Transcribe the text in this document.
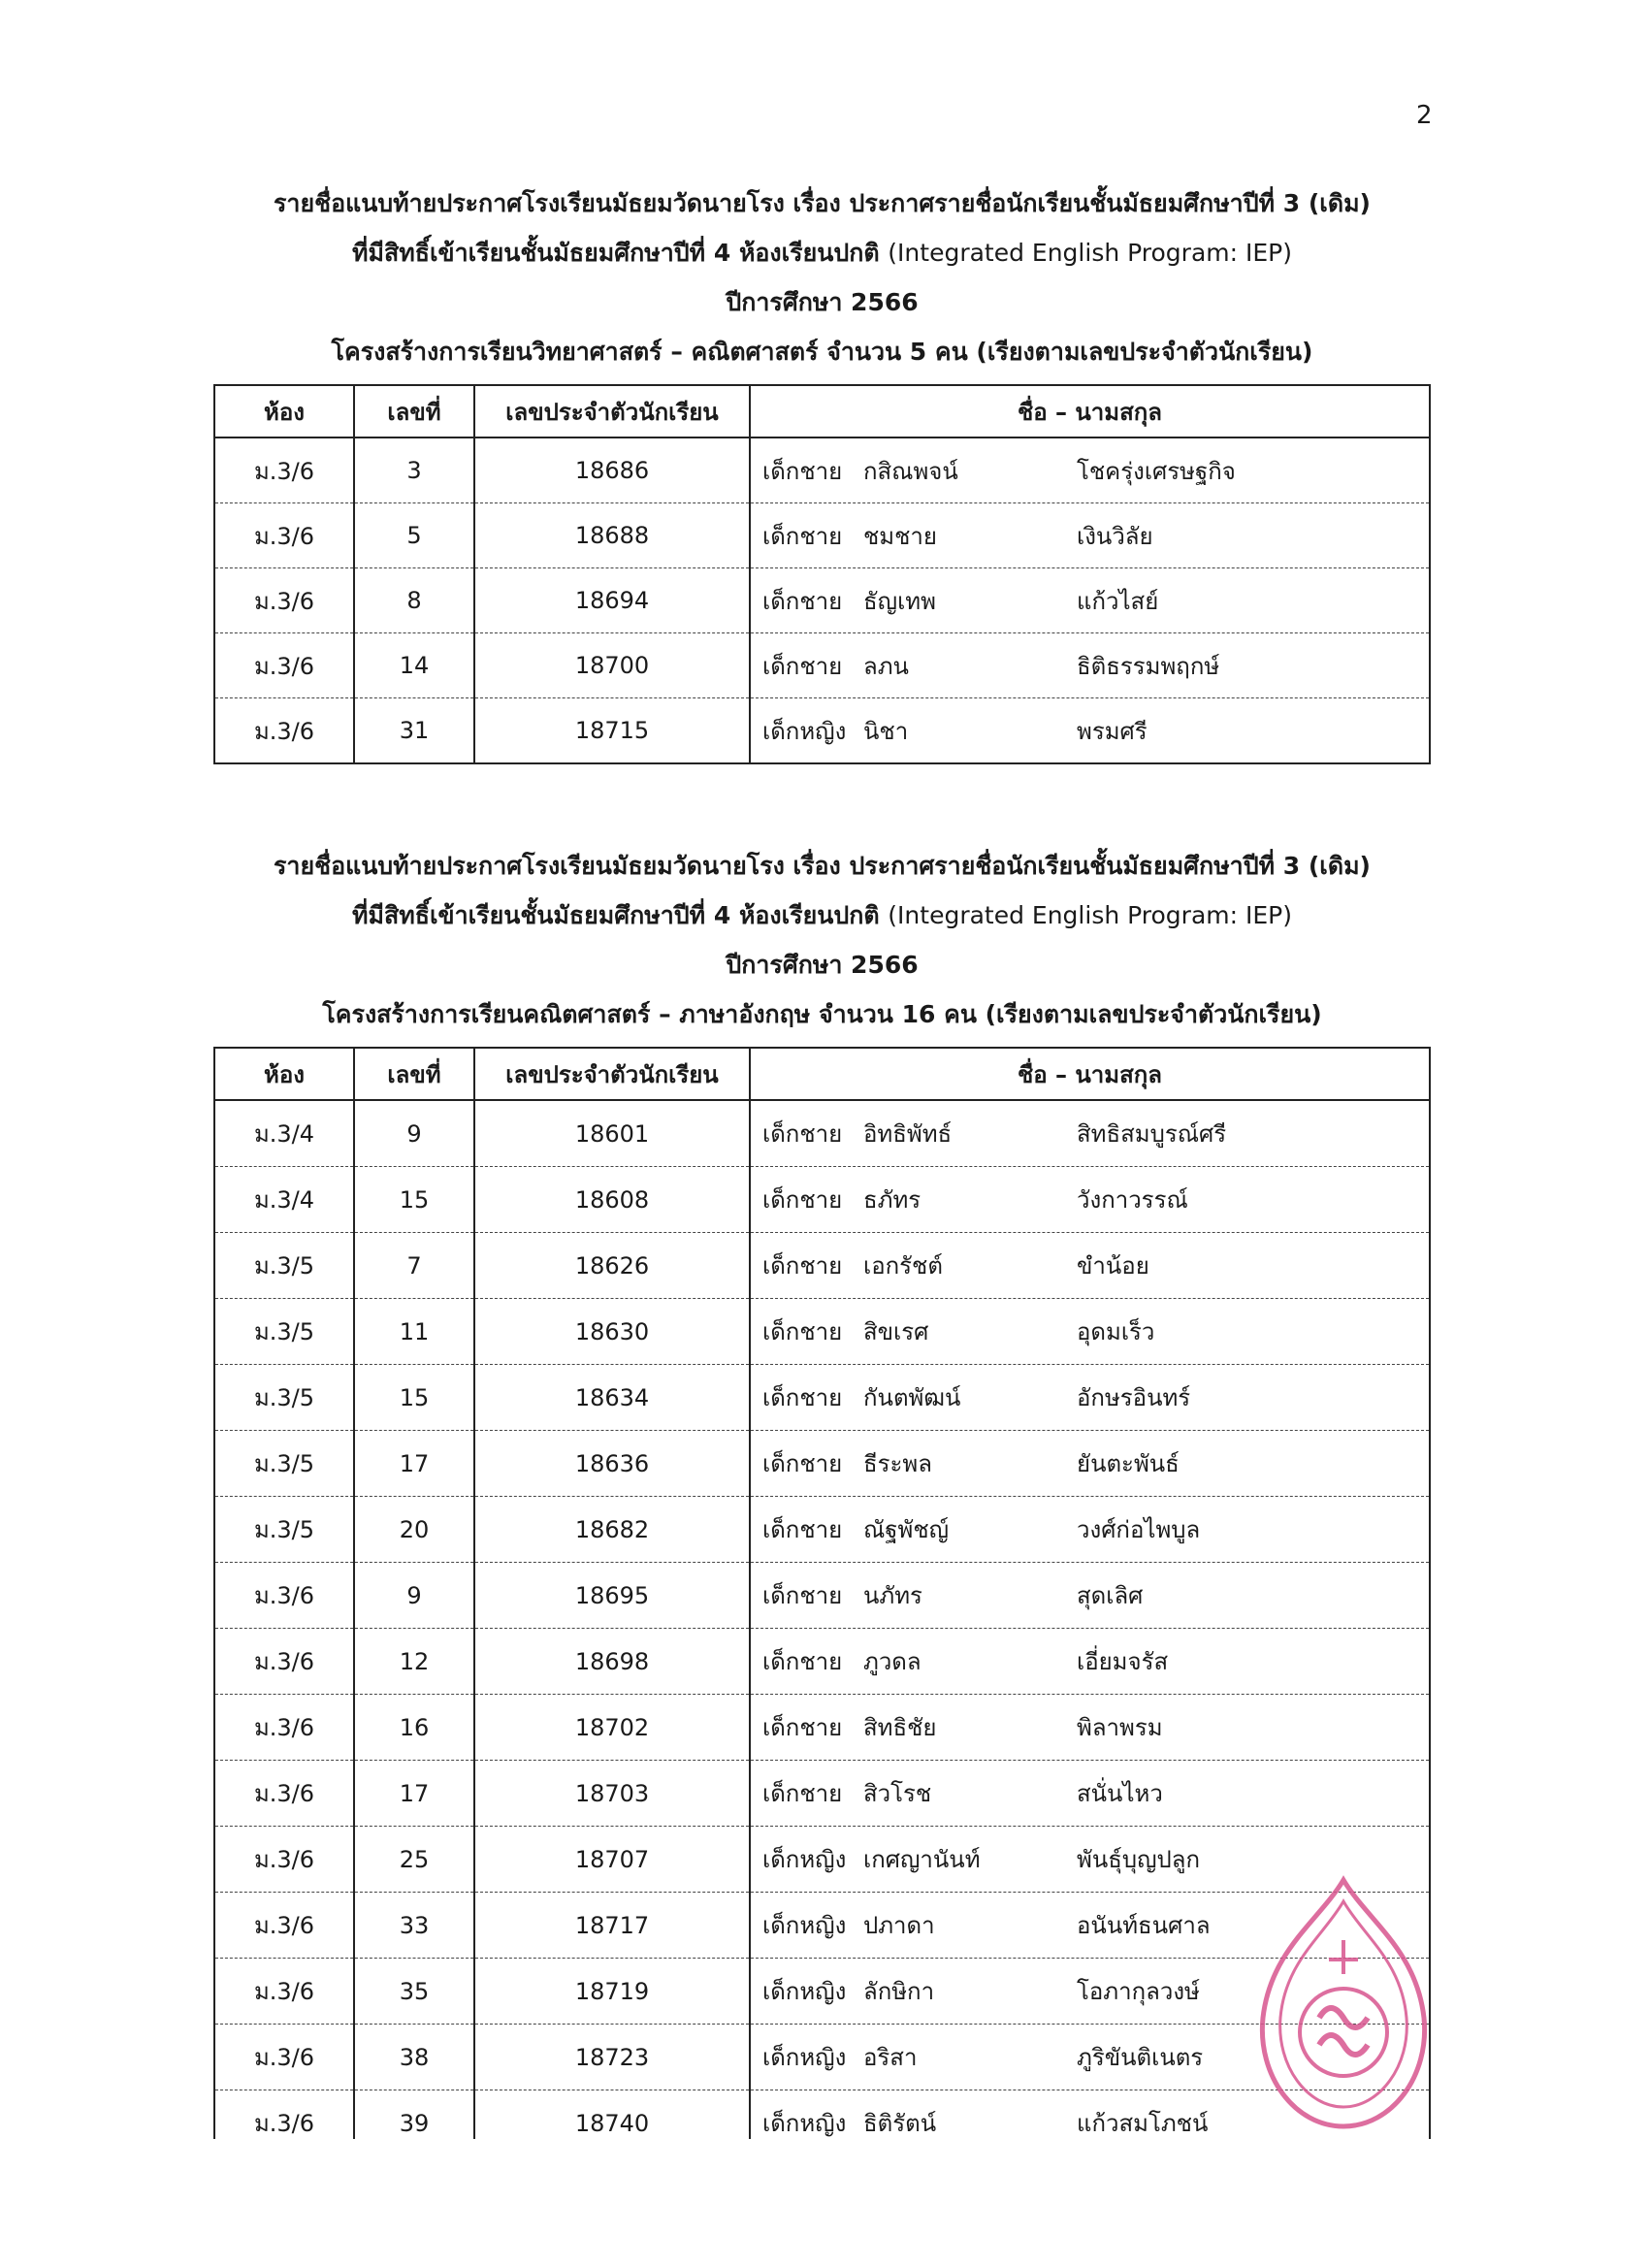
2
รายชื่อแนบท้ายประกาศโรงเรียนมัธยมวัดนายโรง เรื่อง ประกาศรายชื่อนักเรียนชั้นมัธยมศึกษาปีที่ 3 (เดิม)
ที่มีสิทธิ์เข้าเรียนชั้นมัธยมศึกษาปีที่ 4 ห้องเรียนปกติ (Integrated English Program: IEP)
ปีการศึกษา 2566
โครงสร้างการเรียนวิทยาศาสตร์ – คณิตศาสตร์ จำนวน 5 คน (เรียงตามเลขประจำตัวนักเรียน)
ห้อง	เลขที่	เลขประจำตัวนักเรียน	ชื่อ – นามสกุล
ม.3/6	3	18686	เด็กชาย กสิณพจน์ โชครุ่งเศรษฐกิจ
ม.3/6	5	18688	เด็กชาย ชมชาย เงินวิลัย
ม.3/6	8	18694	เด็กชาย ธัญเทพ แก้วไสย์
ม.3/6	14	18700	เด็กชาย ลภน ธิติธรรมพฤกษ์
ม.3/6	31	18715	เด็กหญิง นิชา พรมศรี
รายชื่อแนบท้ายประกาศโรงเรียนมัธยมวัดนายโรง เรื่อง ประกาศรายชื่อนักเรียนชั้นมัธยมศึกษาปีที่ 3 (เดิม)
ที่มีสิทธิ์เข้าเรียนชั้นมัธยมศึกษาปีที่ 4 ห้องเรียนปกติ (Integrated English Program: IEP)
ปีการศึกษา 2566
โครงสร้างการเรียนคณิตศาสตร์ – ภาษาอังกฤษ จำนวน 16 คน (เรียงตามเลขประจำตัวนักเรียน)
ห้อง	เลขที่	เลขประจำตัวนักเรียน	ชื่อ – นามสกุล
ม.3/4	9	18601	เด็กชาย อิทธิพัทธ์ สิทธิสมบูรณ์ศรี
ม.3/4	15	18608	เด็กชาย ธภัทร วังกาวรรณ์
ม.3/5	7	18626	เด็กชาย เอกรัชต์ ขำน้อย
ม.3/5	11	18630	เด็กชาย สิขเรศ อุดมเร็ว
ม.3/5	15	18634	เด็กชาย กันตพัฒน์ อักษรอินทร์
ม.3/5	17	18636	เด็กชาย ธีระพล ยันตะพันธ์
ม.3/5	20	18682	เด็กชาย ณัฐพัชญ์ วงศ์ก่อไพบูล
ม.3/6	9	18695	เด็กชาย นภัทร สุดเลิศ
ม.3/6	12	18698	เด็กชาย ภูวดล เอี่ยมจรัส
ม.3/6	16	18702	เด็กชาย สิทธิชัย พิลาพรม
ม.3/6	17	18703	เด็กชาย สิวโรช สนั่นไหว
ม.3/6	25	18707	เด็กหญิง เกศญานันท์ พันธุ์บุญปลูก
ม.3/6	33	18717	เด็กหญิง ปภาดา อนันท์ธนศาล
ม.3/6	35	18719	เด็กหญิง ลักษิกา โอภากุลวงษ์
ม.3/6	38	18723	เด็กหญิง อริสา ภูริขันติเนตร
ม.3/6	39	18740	เด็กหญิง ธิติรัตน์ แก้วสมโภชน์
